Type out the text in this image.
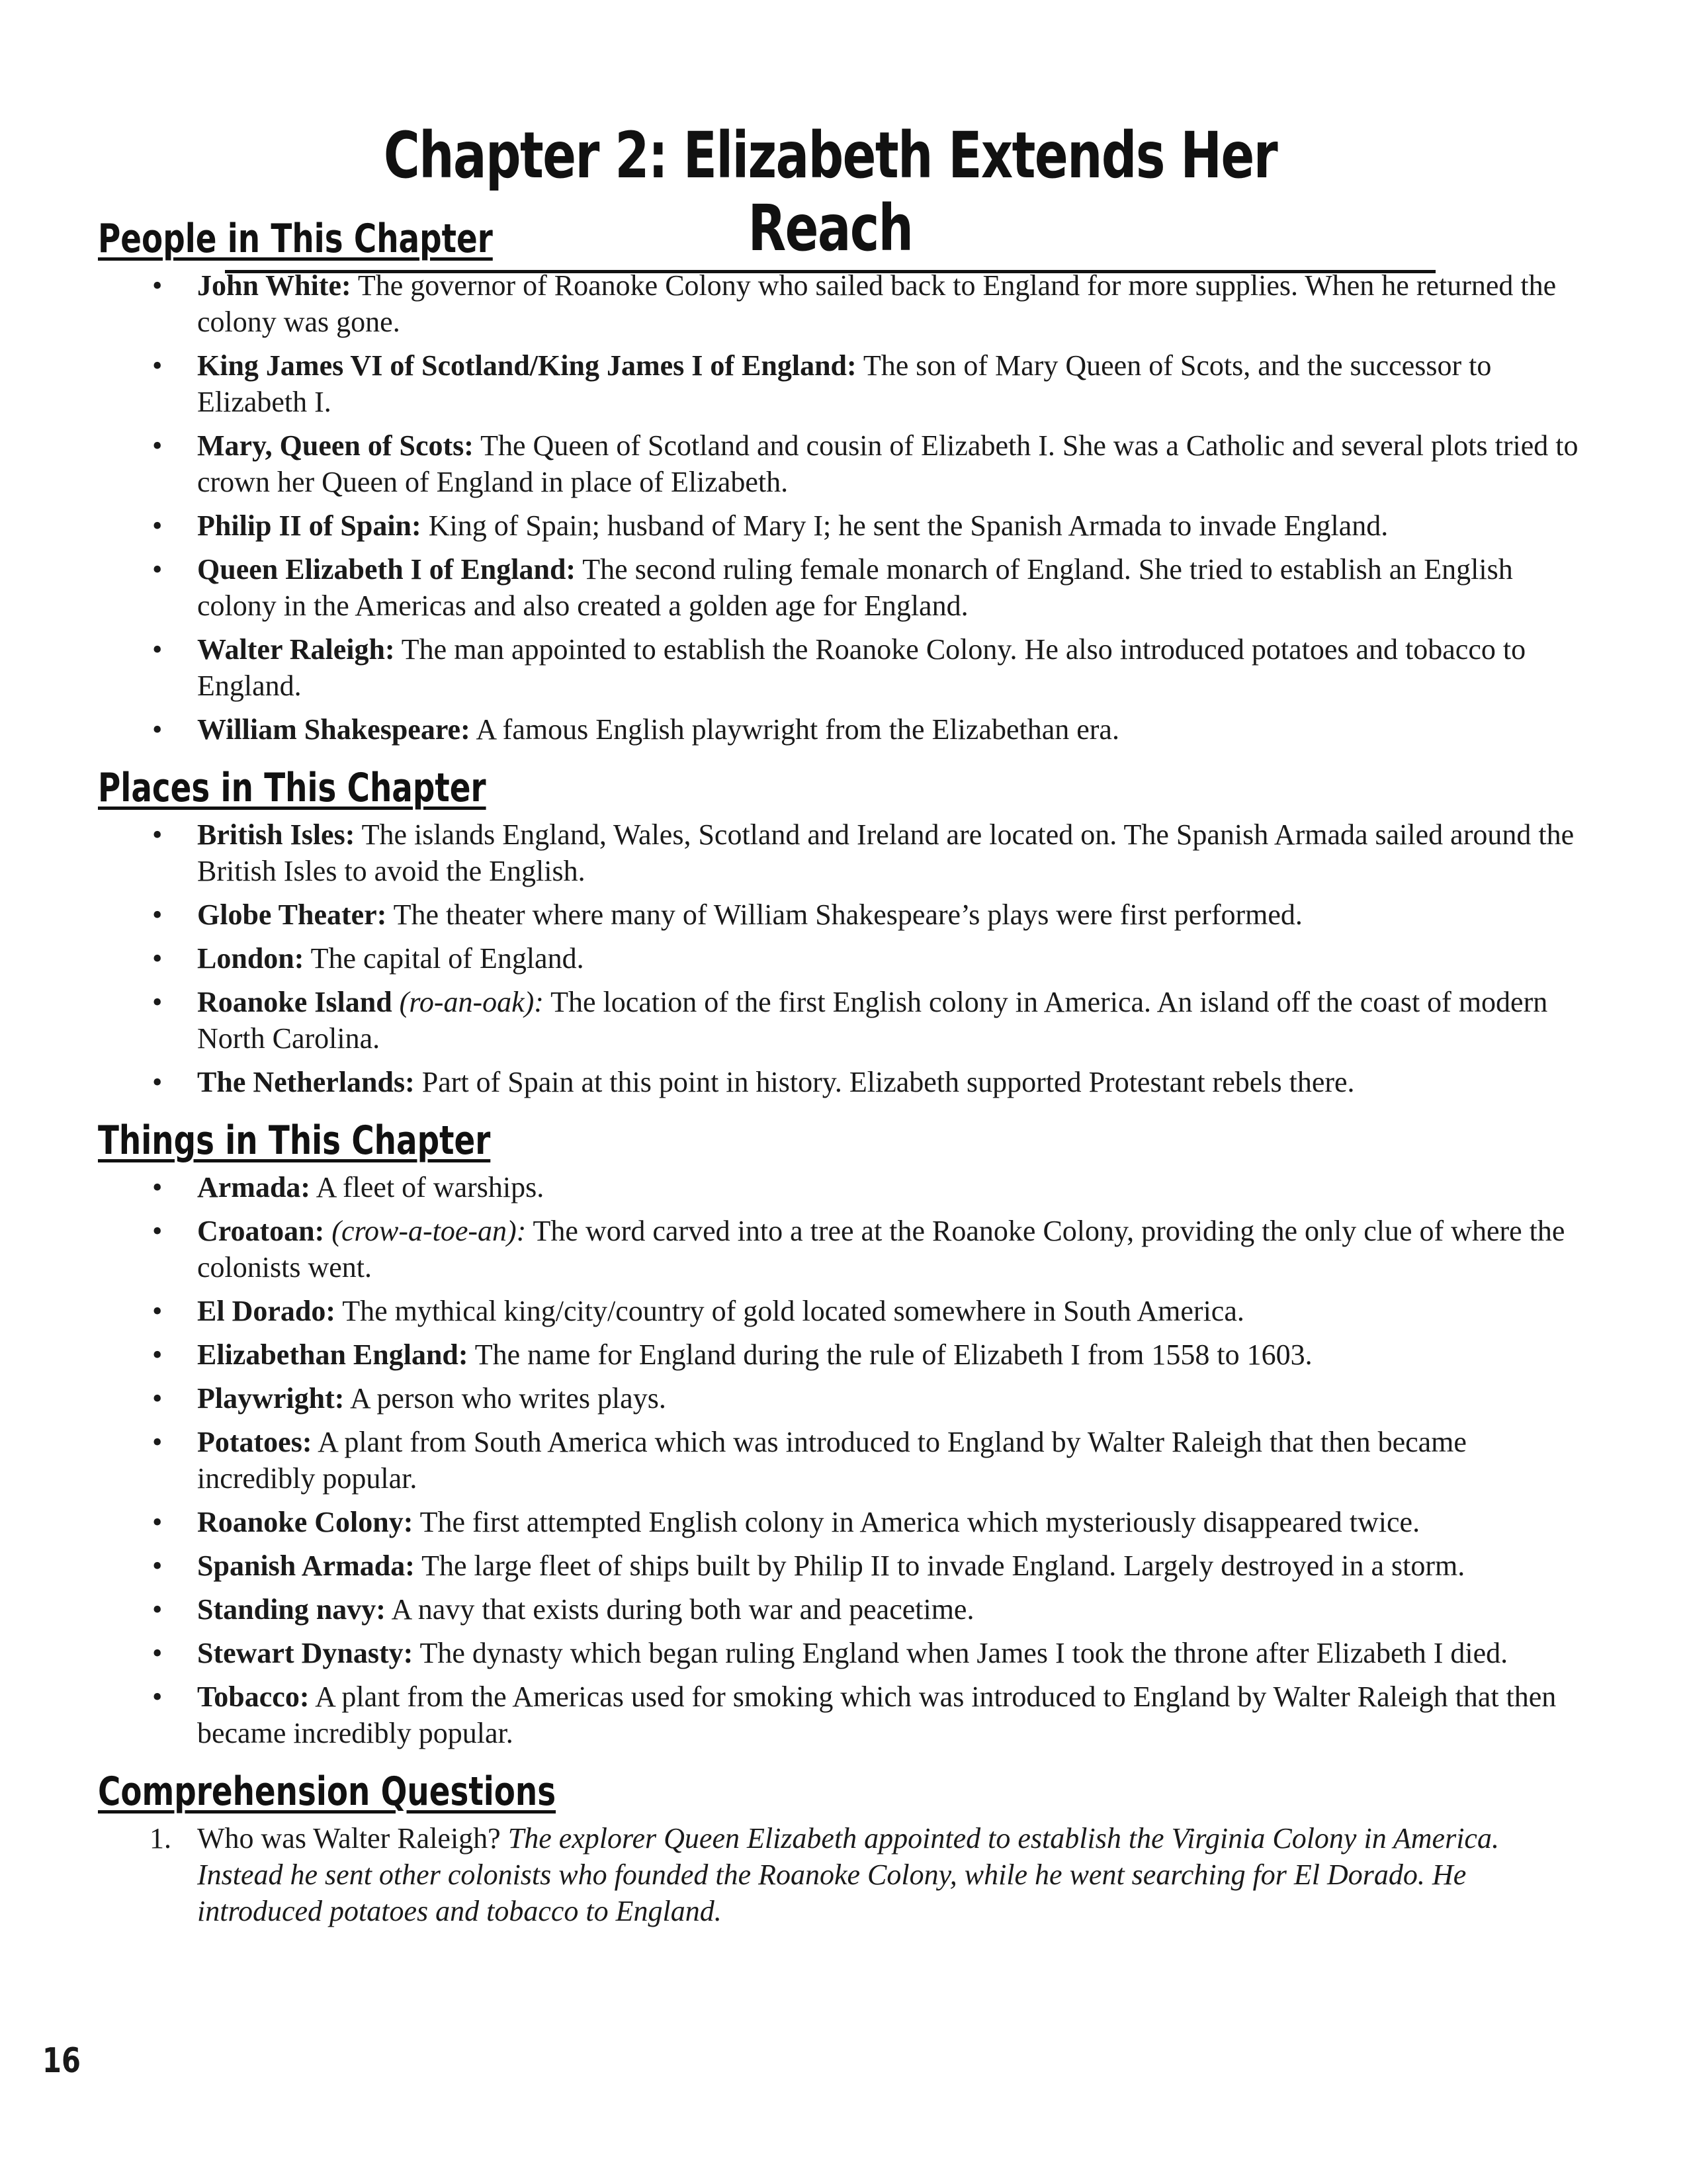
Chapter 2: Elizabeth Extends Her Reach
People in This Chapter
• John White: The governor of Roanoke Colony who sailed back to England for more supplies. When he returned the colony was gone.
• King James VI of Scotland/King James I of England: The son of Mary Queen of Scots, and the successor to Elizabeth I.
• Mary, Queen of Scots: The Queen of Scotland and cousin of Elizabeth I. She was a Catholic and several plots tried to crown her Queen of England in place of Elizabeth.
• Philip II of Spain: King of Spain; husband of Mary I; he sent the Spanish Armada to invade England.
• Queen Elizabeth I of England: The second ruling female monarch of England. She tried to establish an English colony in the Americas and also created a golden age for England.
• Walter Raleigh: The man appointed to establish the Roanoke Colony. He also introduced potatoes and tobacco to England.
• William Shakespeare: A famous English playwright from the Elizabethan era.
Places in This Chapter
• British Isles: The islands England, Wales, Scotland and Ireland are located on. The Spanish Armada sailed around the British Isles to avoid the English.
• Globe Theater: The theater where many of William Shakespeare’s plays were first performed.
• London: The capital of England.
• Roanoke Island (ro-an-oak): The location of the first English colony in America. An island off the coast of modern North Carolina.
• The Netherlands: Part of Spain at this point in history. Elizabeth supported Protestant rebels there.
Things in This Chapter
• Armada: A fleet of warships.
• Croatoan: (crow-a-toe-an): The word carved into a tree at the Roanoke Colony, providing the only clue of where the colonists went.
• El Dorado: The mythical king/city/country of gold located somewhere in South America.
• Elizabethan England: The name for England during the rule of Elizabeth I from 1558 to 1603.
• Playwright: A person who writes plays.
• Potatoes: A plant from South America which was introduced to England by Walter Raleigh that then became incredibly popular.
• Roanoke Colony: The first attempted English colony in America which mysteriously disappeared twice.
• Spanish Armada: The large fleet of ships built by Philip II to invade England. Largely destroyed in a storm.
• Standing navy: A navy that exists during both war and peacetime.
• Stewart Dynasty: The dynasty which began ruling England when James I took the throne after Elizabeth I died.
• Tobacco: A plant from the Americas used for smoking which was introduced to England by Walter Raleigh that then became incredibly popular.
Comprehension Questions
1. Who was Walter Raleigh? The explorer Queen Elizabeth appointed to establish the Virginia Colony in America. Instead he sent other colonists who founded the Roanoke Colony, while he went searching for El Dorado. He introduced potatoes and tobacco to England.
16
